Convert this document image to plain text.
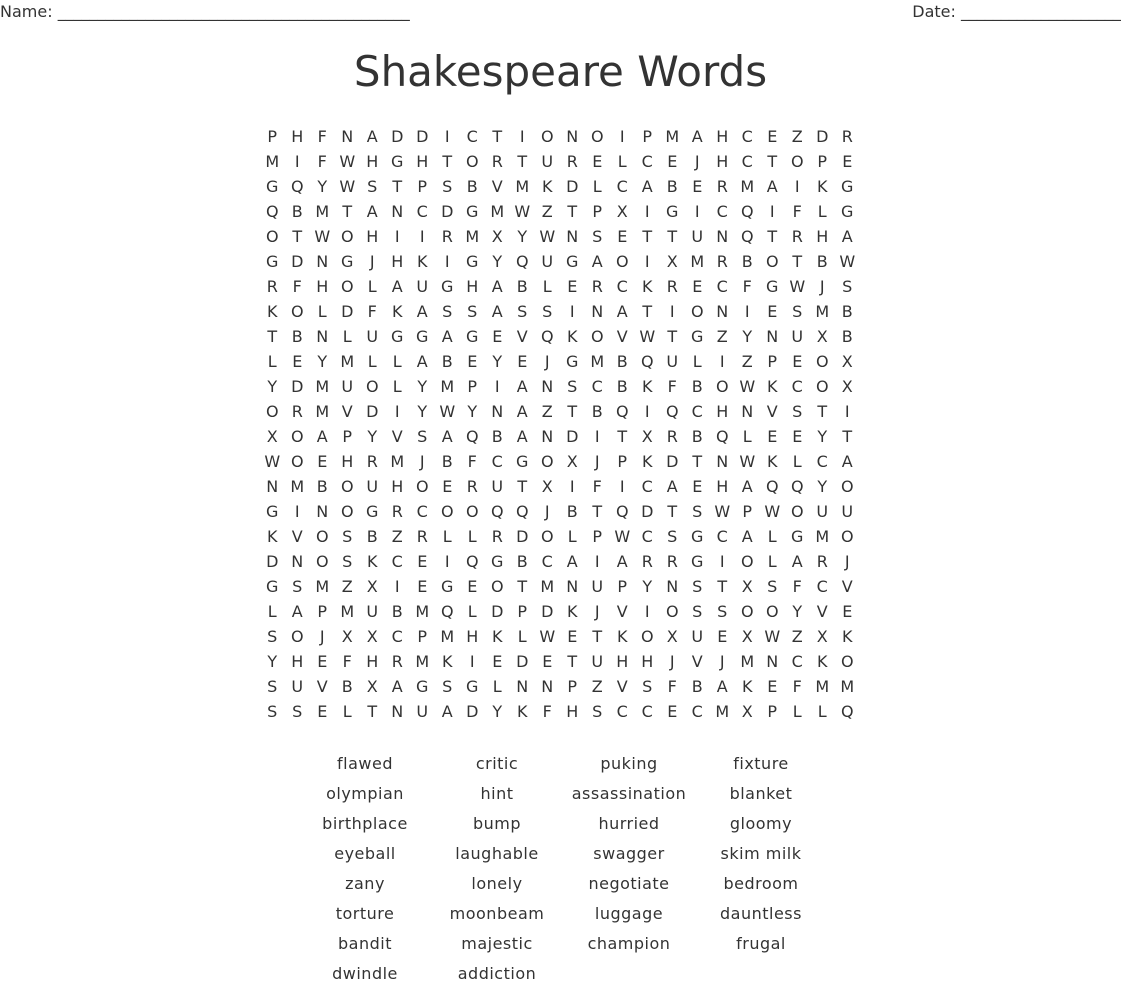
Name: ____________________________________________	Date: ____________________
Shakespeare Words
P H F N A D D I	C T	I O N O I	P M A H C E Z D R
M I	F W H G H T O R T U R E L C E	J	H C T O P E
G Q Y W S T P S B V M K D L C A B E R M A	I	K G
Q B M T A N C D G M W Z T P X	I G I	C Q I	F L G
O T W O H	I	I	R M X Y W N S E T T U N Q T R H A
G D N G J	H K	I G Y Q U G A O I	X M R B O T B W
R F H O L A U G H A B L E R C K R E C F G W J	S
K O L D F K A S S A S S	I	N A T	I O N	I	E S M B
T B N L U G G A G E V Q K O V W T G Z Y N U X B
L E Y M L L A B E Y E	J G M B Q U L	I	Z P E O X
Y D M U O L Y M P	I	A N S C B K F B O W K C O X
O R M V D I	Y W Y N A Z T B Q I Q C H N V S T	I
X O A P Y V S A Q B A N D I	T X R B Q L E E Y T
W O E H R M J	B F C G O X	J	P K D T N W K L C A
N M B O U H O E R U T X	I	F	I	C A E H A Q Q Y O
G I	N O G R C O O Q Q J	B T Q D T S W P W O U U
K V O S B Z R L L R D O L P W C S G C A L G M O
D N O S K C E	I Q G B C A	I	A R R G I O L A R	J
G S M Z X	I	E G E O T M N U P Y N S T X S F C V
L A P M U B M Q L D P D K	J	V	I O S S O O Y V E
S O J	X X C P M H K L W E T K O X U E X W Z X K
Y H E F H R M K	I	E D E T U H H	J	V	J M N C K O
S U V B X A G S G L N N P Z V S F B A K E F M M
S S E L T N U A D Y K F H S C C E C M X P L L Q
flawed	critic	puking	fixture
olympian	hint	assassination	blanket
birthplace	bump	hurried	gloomy
eyeball	laughable	swagger	skim milk
zany	lonely	negotiate	bedroom
torture	moonbeam	luggage	dauntless
bandit	majestic	champion	frugal
dwindle	addiction
